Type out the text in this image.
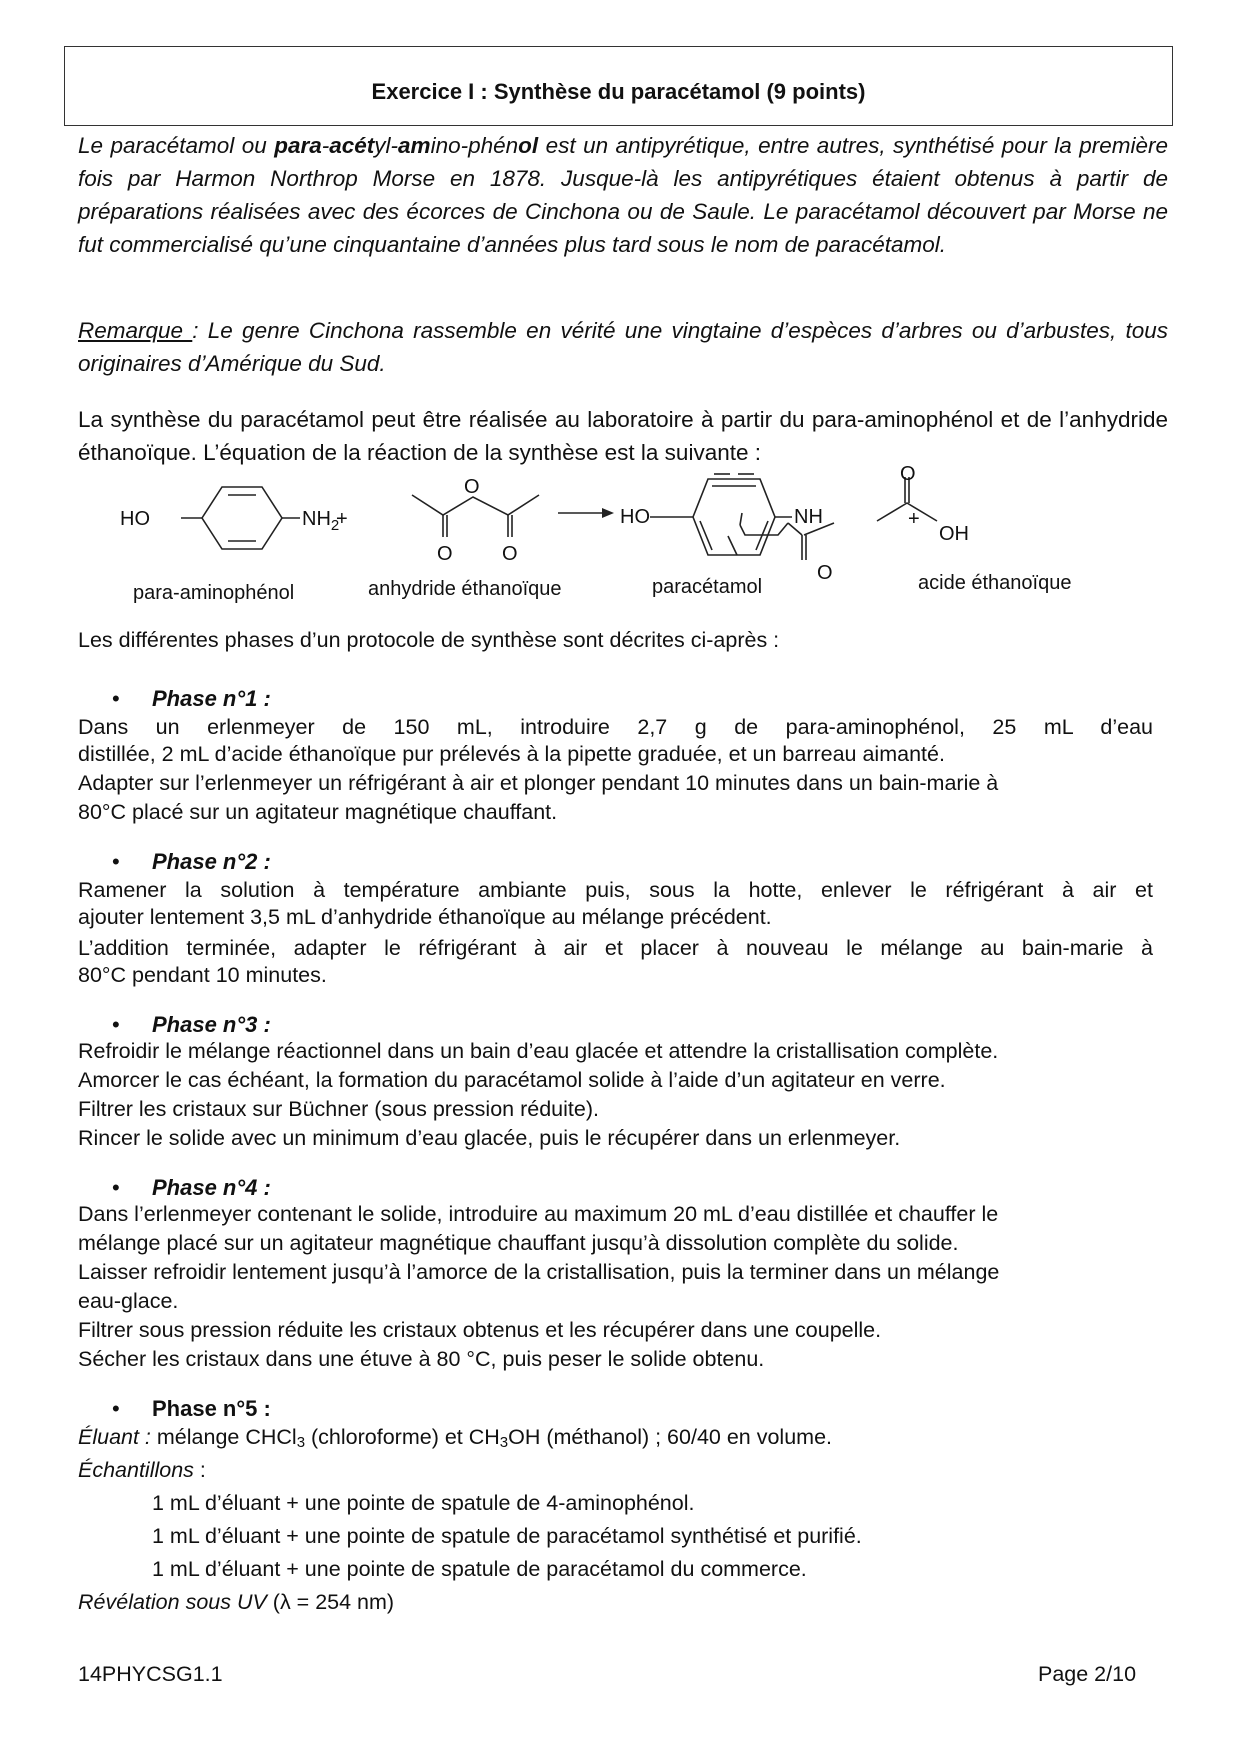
Exercice I : Synthèse du paracétamol (9 points)
Le paracétamol ou para-acétyl-amino-phénol est un antipyrétique, entre autres, synthétisé pour la première fois par Harmon Northrop Morse en 1878. Jusque-là les antipyrétiques étaient obtenus à partir de préparations réalisées avec des écorces de Cinchona ou de Saule. Le paracétamol découvert par Morse ne fut commercialisé qu’une cinquantaine d’années plus tard sous le nom de paracétamol.
Remarque : Le genre Cinchona rassemble en vérité une vingtaine d’espèces d’arbres ou d’arbustes, tous originaires d’Amérique du Sud.
La synthèse du paracétamol peut être réalisée au laboratoire à partir du para-aminophénol et de l’anhydride éthanoïque. L’équation de la réaction de la synthèse est la suivante :
HO	$NH_2$
+
O
O O
HO	NH
O
+
O
OH
para-aminophénol	anhydride éthanoïque	paracétamol	acide éthanoïque
Les différentes phases d’un protocole de synthèse sont décrites ci-après :
• Phase n°1 :
Dans un erlenmeyer de 150 mL, introduire 2,7 g de para-aminophénol, 25 mL d’eau
distillée, 2 mL d’acide éthanoïque pur prélevés à la pipette graduée, et un barreau aimanté.
Adapter sur l’erlenmeyer un réfrigérant à air et plonger pendant 10 minutes dans un bain-marie à
80°C placé sur un agitateur magnétique chauffant.
• Phase n°2 :
Ramener la solution à température ambiante puis, sous la hotte, enlever le réfrigérant à air et
ajouter lentement 3,5 mL d’anhydride éthanoïque au mélange précédent.
L’addition terminée, adapter le réfrigérant à air et placer à nouveau le mélange au bain-marie à
80°C pendant 10 minutes.
• Phase n°3 :
Refroidir le mélange réactionnel dans un bain d’eau glacée et attendre la cristallisation complète.
Amorcer le cas échéant, la formation du paracétamol solide à l’aide d’un agitateur en verre.
Filtrer les cristaux sur Büchner (sous pression réduite).
Rincer le solide avec un minimum d’eau glacée, puis le récupérer dans un erlenmeyer.
• Phase n°4 :
Dans l’erlenmeyer contenant le solide, introduire au maximum 20 mL d’eau distillée et chauffer le
mélange placé sur un agitateur magnétique chauffant jusqu’à dissolution complète du solide.
Laisser refroidir lentement jusqu’à l’amorce de la cristallisation, puis la terminer dans un mélange
eau-glace.
Filtrer sous pression réduite les cristaux obtenus et les récupérer dans une coupelle.
Sécher les cristaux dans une étuve à 80 °C, puis peser le solide obtenu.
• Phase n°5 :
Éluant : mélange CHCl$_3$ (chloroforme) et $CH_3OH$ (méthanol) ; 60/40 en volume.
Échantillons :
1 mL d’éluant + une pointe de spatule de 4-aminophénol.
1 mL d’éluant + une pointe de spatule de paracétamol synthétisé et purifié.
1 mL d’éluant + une pointe de spatule de paracétamol du commerce.
Révélation sous UV (λ = 254 nm)
14PHYCSG1.1	Page 2/10
